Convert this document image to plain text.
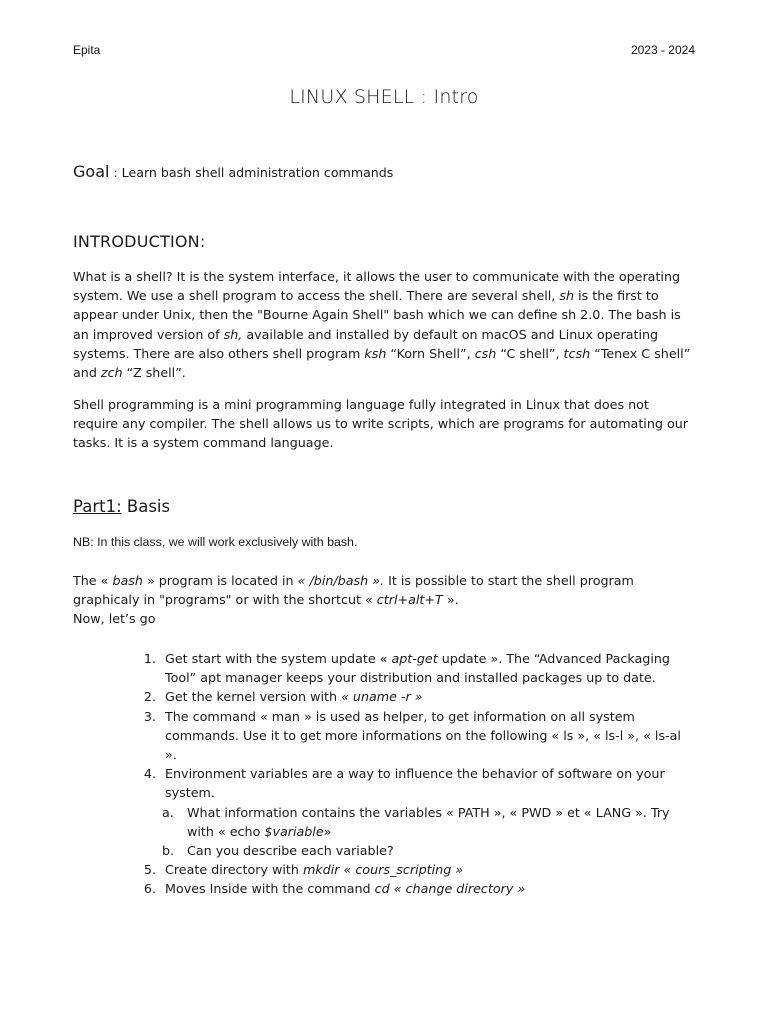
Epita	2023 - 2024
LINUX SHELL : Intro
Goal : Learn bash shell administration commands
INTRODUCTION:
What is a shell? It is the system interface, it allows the user to communicate with the operating system. We use a shell program to access the shell. There are several shell, sh is the first to appear under Unix, then the "Bourne Again Shell" bash which we can define sh 2.0. The bash is an improved version of sh, available and installed by default on macOS and Linux operating systems. There are also others shell program ksh “Korn Shell”, csh “C shell”, tcsh “Tenex C shell” and zch “Z shell”.
Shell programming is a mini programming language fully integrated in Linux that does not require any compiler. The shell allows us to write scripts, which are programs for automating our tasks. It is a system command language.
Part1: Basis
NB: In this class, we will work exclusively with bash.
The « bash » program is located in « /bin/bash ». It is possible to start the shell program graphicaly in "programs" or with the shortcut « ctrl+alt+T ».
Now, let’s go
1. Get start with the system update « apt-get update ». The “Advanced Packaging Tool” apt manager keeps your distribution and installed packages up to date.
2. Get the kernel version with « uname -r »
3. The command « man » is used as helper, to get information on all system commands. Use it to get more informations on the following « ls », « ls-l », « ls-al ».
4. Environment variables are a way to influence the behavior of software on your system.
a. What information contains the variables « PATH », « PWD » et « LANG ». Try with « echo $variable»
b. Can you describe each variable?
5. Create directory with mkdir « cours_scripting »
6. Moves Inside with the command cd « change directory »
